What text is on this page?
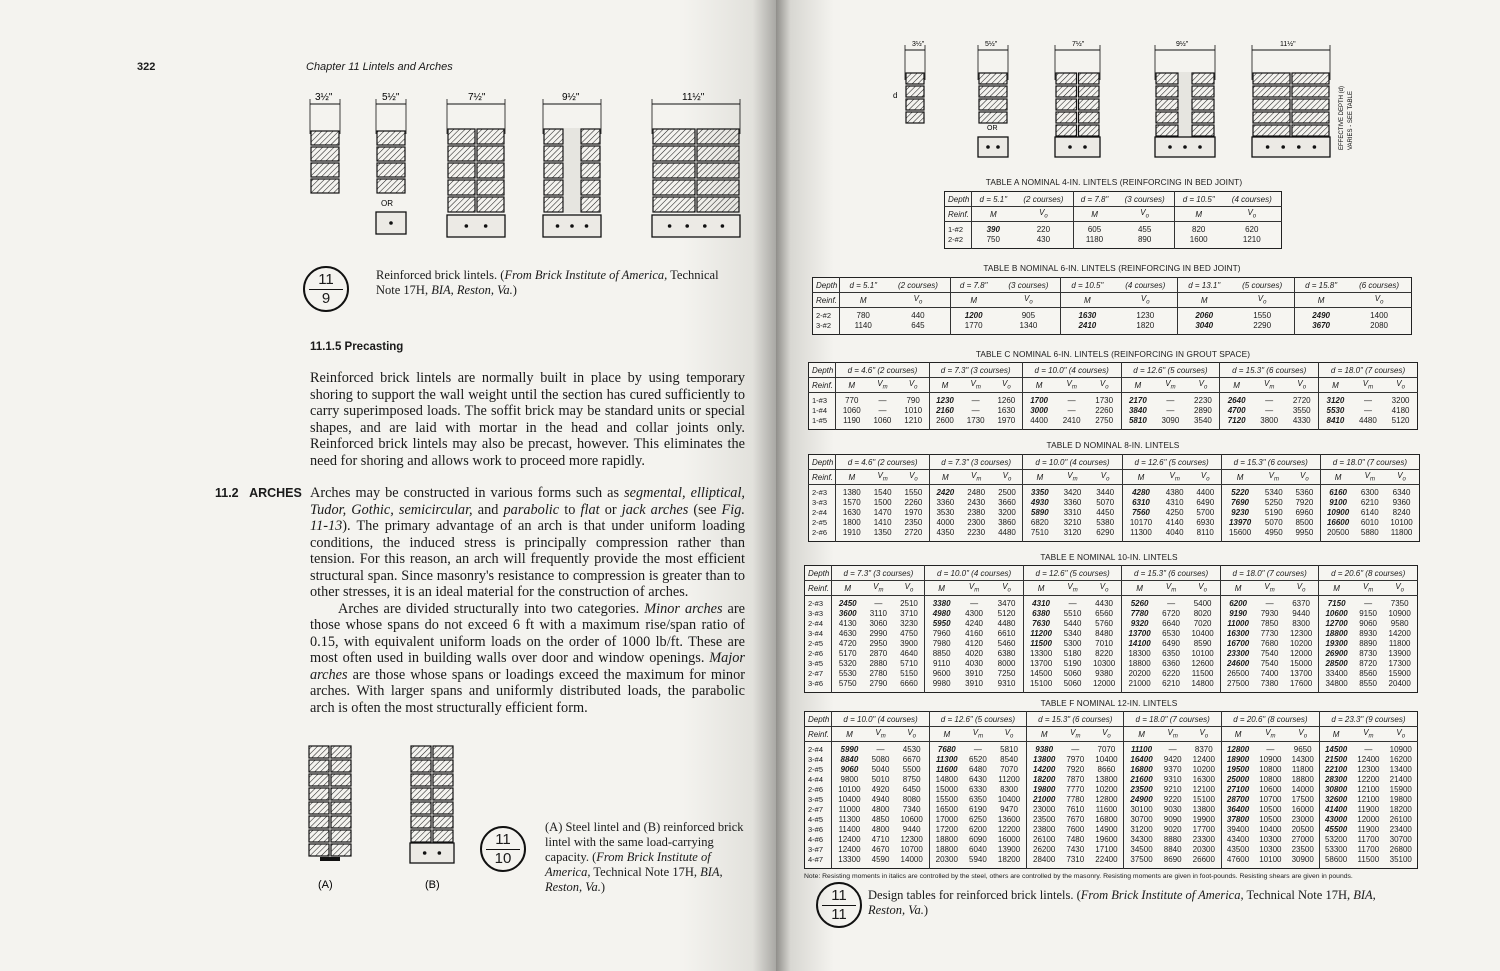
3½"	5½"	7½"	9½"	11½"
OR
3½"	5½"	7½"	9½"	11½"
d
OR	EFFECTIVE DEPTH (d) VARIES - SEE TABLE
(A)	(B)
322	Chapter 11 Lintels and Arches
11
9
Reinforced brick lintels. (From Brick Institute of America, Technical Note 17H, BIA, Reston, Va.)
11.1.5 Precasting
Reinforced brick lintels are normally built in place by using temporary shoring to support the wall weight until the section has cured sufficiently to carry superimposed loads. The soffit brick may be standard units or special shapes, and are laid with mortar in the head and collar joints only. Reinforced brick lintels may also be precast, however. This eliminates the need for shoring and allows work to proceed more rapidly.
11.2 ARCHES Arches may be constructed in various forms such as segmental, elliptical, Tudor, Gothic, semicircular, and parabolic to flat or jack arches (see Fig. 11-13). The primary advantage of an arch is that under uniform loading conditions, the induced stress is principally compression rather than tension. For this reason, an arch will frequently provide the most efficient structural span. Since masonry's resistance to compression is greater than to other stresses, it is an ideal material for the construction of arches.
Arches are divided structurally into two categories. Minor arches are those whose spans do not exceed 6 ft with a maximum rise/span ratio of 0.15, with equivalent uniform loads on the order of 1000 lb/ft. These are most often used in building walls over door and window openings. Major arches are those whose spans or loadings exceed the maximum for minor arches. With larger spans and uniformly distributed loads, the parabolic arch is often the most structurally efficient form.
11
10
(A) Steel lintel and (B) reinforced brick lintel with the same load-carrying capacity. (From Brick Institute of America, Technical Note 17H, BIA, Reston, Va.)
TABLE A NOMINAL 4-IN. LINTELS (REINFORCING IN BED JOINT)
Depth	d = 5.1"	(2 courses)	d = 7.8"	(3 courses)	d = 10.5"	(4 courses)
Reinf.	M	$V_o$	M	$V_o$	M	$V_o$
1-#2	390	220	605	455	820	620
2-#2	750	430	1180	890	1600	1210
TABLE B NOMINAL 6-IN. LINTELS (REINFORCING IN BED JOINT)
Depth	d = 5.1"	(2 courses)	d = 7.8"	(3 courses)	d = 10.5"	(4 courses)	d = 13.1"	(5 courses)	d = 15.8"	(6 courses)
Reinf.	M	$V_o$	M	$V_o$	M	$V_o$	M	$V_o$	M	$V_o$
2-#2	780	440	1200	905	1630	1230	2060	1550	2490	1400
3-#2	1140	645	1770	1340	2410	1820	3040	2290	3670	2080
TABLE C NOMINAL 6-IN. LINTELS (REINFORCING IN GROUT SPACE)
Depth	d = 4.6" (2 courses)			d = 7.3" (3 courses)			d = 10.0" (4 courses)			d = 12.6" (5 courses)			d = 15.3" (6 courses)			d = 18.0" (7 courses)		
Reinf.	M	$V_m$	$V_o$	M	$V_m$	$V_o$	M	$V_m$	$V_o$	M	$V_m$	$V_o$	M	$V_m$	$V_o$	M	$V_m$	$V_o$
1-#3	770	—	790	1230	—	1260	1700	—	1730	2170	—	2230	2640	—	2720	3120	—	3200
1-#4	1060	—	1010	2160	—	1630	3000	—	2260	3840	—	2890	4700	—	3550	5530	—	4180
1-#5	1190	1060	1210	2600	1730	1970	4400	2410	2750	5810	3090	3540	7120	3800	4330	8410	4480	5120
TABLE D NOMINAL 8-IN. LINTELS
Depth	d = 4.6" (2 courses)			d = 7.3" (3 courses)			d = 10.0" (4 courses)			d = 12.6" (5 courses)			d = 15.3" (6 courses)			d = 18.0" (7 courses)		
Reinf.	M	$V_m$	$V_o$	M	$V_m$	$V_o$	M	$V_m$	$V_o$	M	$V_m$	$V_o$	M	$V_m$	$V_o$	M	$V_m$	$V_o$
2-#3	1380	1540	1550	2420	2480	2500	3350	3420	3440	4280	4380	4400	5220	5340	5360	6160	6300	6340
3-#3	1570	1500	2260	3360	2430	3660	4930	3360	5070	6310	4310	6490	7690	5250	7920	9100	6210	9360
2-#4	1630	1470	1970	3530	2380	3200	5890	3310	4450	7560	4250	5700	9230	5190	6960	10900	6140	8240
2-#5	1800	1410	2350	4000	2300	3860	6820	3210	5380	10170	4140	6930	13970	5070	8500	16600	6010	10100
2-#6	1910	1350	2720	4350	2230	4480	7510	3120	6290	11300	4040	8110	15600	4950	9950	20500	5880	11800
TABLE E NOMINAL 10-IN. LINTELS
Depth	d = 7.3" (3 courses)			d = 10.0" (4 courses)			d = 12.6" (5 courses)			d = 15.3" (6 courses)			d = 18.0" (7 courses)			d = 20.6" (8 courses)		
Reinf.	M	$V_m$	$V_o$	M	$V_m$	$V_o$	M	$V_m$	$V_o$	M	$V_m$	$V_o$	M	$V_m$	$V_o$	M	$V_m$	$V_o$
2-#3	2450	—	2510	3380	—	3470	4310	—	4430	5260	—	5400	6200	—	6370	7150	—	7350
3-#3	3600	3110	3710	4980	4300	5120	6380	5510	6560	7780	6720	8020	9190	7930	9440	10600	9150	10900
2-#4	4130	3060	3230	5950	4240	4480	7630	5440	5760	9320	6640	7020	11000	7850	8300	12700	9060	9580
3-#4	4630	2990	4750	7960	4160	6610	11200	5340	8480	13700	6530	10400	16300	7730	12300	18800	8930	14200
2-#5	4720	2950	3900	7980	4120	5460	11500	5300	7010	14100	6490	8590	16700	7680	10200	19300	8890	11800
2-#6	5170	2870	4640	8850	4020	6380	13300	5180	8220	18300	6350	10100	23300	7540	12000	26900	8730	13900
3-#5	5320	2880	5710	9110	4030	8000	13700	5190	10300	18800	6360	12600	24600	7540	15000	28500	8720	17300
2-#7	5530	2780	5150	9600	3910	7250	14500	5060	9380	20200	6220	11500	26500	7400	13700	33400	8560	15900
3-#6	5750	2790	6660	9980	3910	9310	15100	5060	12000	21000	6210	14800	27500	7380	17600	34800	8550	20400
TABLE F NOMINAL 12-IN. LINTELS
Depth	d = 10.0" (4 courses)			d = 12.6" (5 courses)			d = 15.3" (6 courses)			d = 18.0" (7 courses)			d = 20.6" (8 courses)			d = 23.3" (9 courses)		
Reinf.	M	$V_m$	$V_o$	M	$V_m$	$V_o$	M	$V_m$	$V_o$	M	$V_m$	$V_o$	M	$V_m$	$V_o$	M	$V_m$	$V_o$
2-#4	5990	—	4530	7680	—	5810	9380	—	7070	11100	—	8370	12800	—	9650	14500	—	10900
3-#4	8840	5080	6670	11300	6520	8540	13800	7970	10400	16400	9420	12400	18900	10900	14300	21500	12400	16200
2-#5	9060	5040	5500	11600	6480	7070	14200	7920	8660	16800	9370	10200	19500	10800	11800	22100	12300	13400
4-#4	9800	5010	8750	14800	6430	11200	18200	7870	13800	21600	9310	16300	25000	10800	18800	28300	12200	21400
2-#6	10100	4920	6450	15000	6330	8300	19800	7770	10200	23500	9210	12100	27100	10600	14000	30800	12100	15900
3-#5	10400	4940	8080	15500	6350	10400	21000	7780	12800	24900	9220	15100	28700	10700	17500	32600	12100	19800
2-#7	11000	4800	7340	16500	6190	9470	23000	7610	11600	30100	9030	13800	36400	10500	16000	41400	11900	18200
4-#5	11300	4850	10600	17000	6250	13600	23500	7670	16800	30700	9090	19900	37800	10500	23000	43000	12000	26100
3-#6	11400	4800	9440	17200	6200	12200	23800	7600	14900	31200	9020	17700	39400	10400	20500	45500	11900	23400
4-#6	12400	4710	12300	18800	6090	16000	26100	7480	19600	34300	8880	23300	43400	10300	27000	53200	11700	30700
3-#7	12400	4670	10700	18800	6040	13900	26200	7430	17100	34500	8840	20300	43500	10300	23500	53300	11700	26800
4-#7	13300	4590	14000	20300	5940	18200	28400	7310	22400	37500	8690	26600	47600	10100	30900	58600	11500	35100
Note: Resisting moments in italics are controlled by the steel, others are controlled by the masonry. Resisting moments are given in foot-pounds. Resisting shears are given in pounds.
11
11
Design tables for reinforced brick lintels. (From Brick Institute of America, Technical Note 17H, BIA, Reston, Va.)
